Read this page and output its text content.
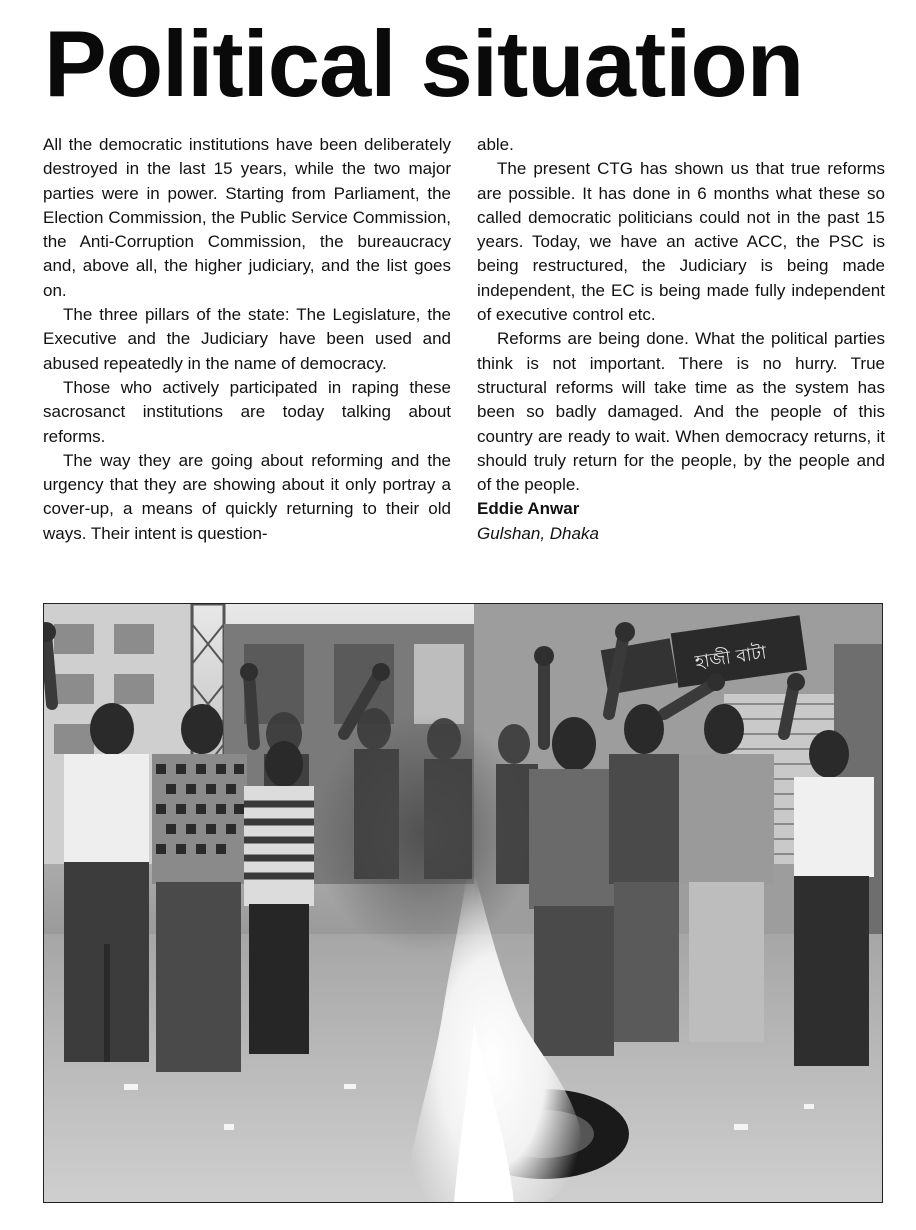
Political situation

All the democratic institutions have been deliberately destroyed in the last 15 years, while the two major parties were in power. Starting from Parliament, the Election Commission, the Public Service Commission, the Anti-Corruption Commission, the bureaucracy and, above all, the higher judiciary, and the list goes on.

The three pillars of the state: The Legislature, the Executive and the Judiciary have been used and abused repeatedly in the name of democracy.

Those who actively participated in raping these sacrosanct institutions are today talking about reforms.

The way they are going about reforming and the urgency that they are showing about it only portray a cover-up, a means of quickly returning to their old ways. Their intent is question-

able.

The present CTG has shown us that true reforms are possible. It has done in 6 months what these so called democratic politicians could not in the past 15 years. Today, we have an active ACC, the PSC is being restructured, the Judiciary is being made independent, the EC is being made fully independent of executive control etc.

Reforms are being done. What the political parties think is not important. There is no hurry. True structural reforms will take time as the system has been so badly damaged. And the people of this country are ready to wait. When democracy returns, it should truly return for the people, by the people and of the people.

Eddie Anwar

Gulshan, Dhaka

হাজী বাটা
